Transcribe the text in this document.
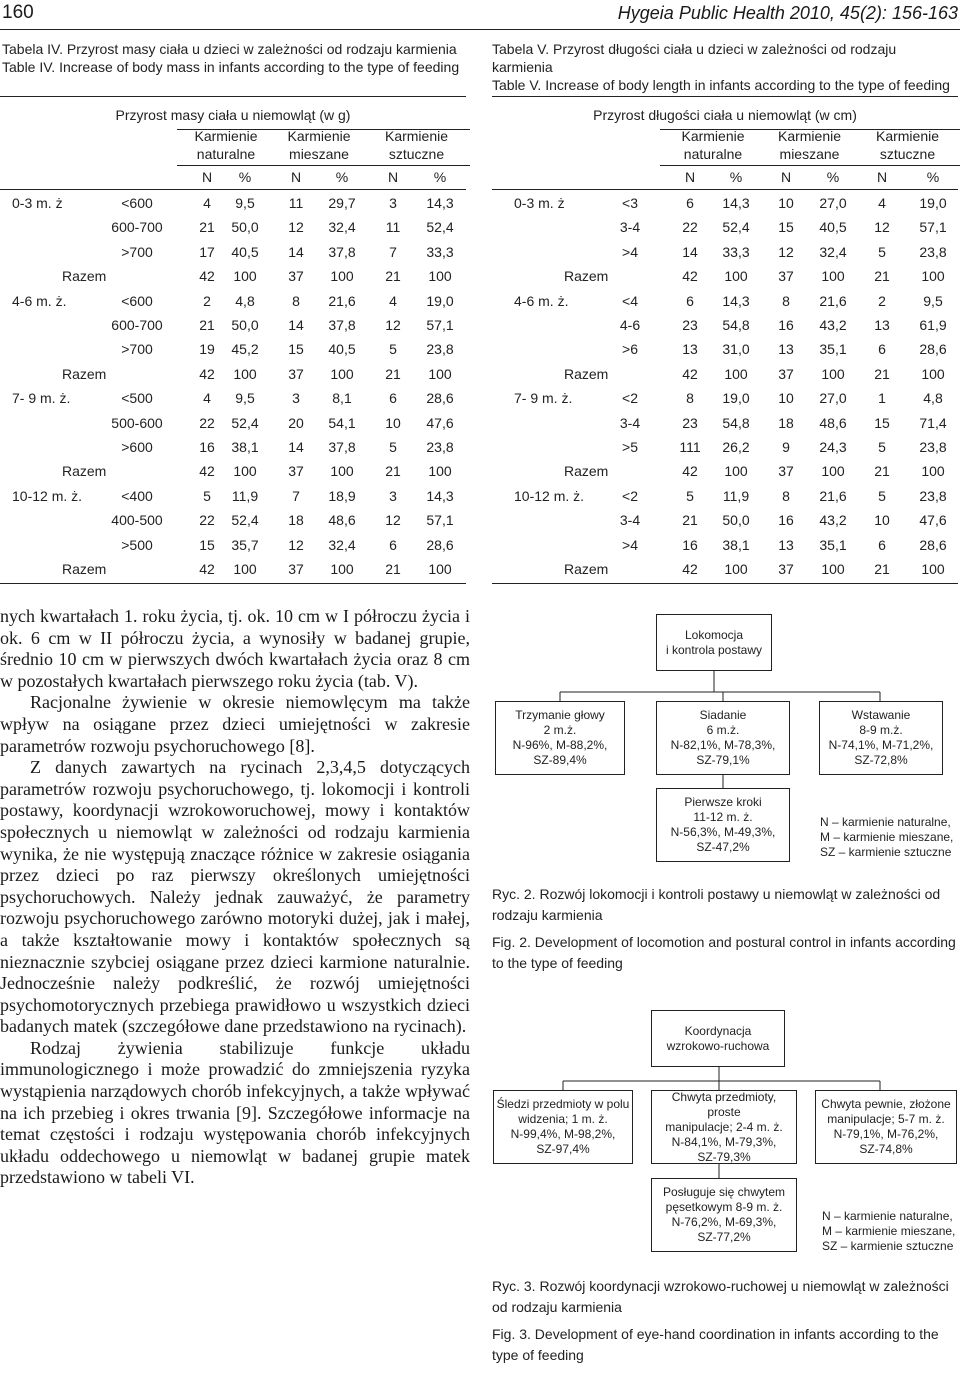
160	Hygeia Public Health 2010, 45(2): 156-163
Tabela IV. Przyrost masy ciała u dzieci w zależności od rodzaju karmienia
Table IV. Increase of body mass in infants according to the type of feeding
Tabela V. Przyrost długości ciała u dzieci w zależności od rodzaju karmienia
Table V. Increase of body length in infants according to the type of feeding
Przyrost masy ciała u niemowląt (w g)
Karmienie
naturalne
Karmienie
mieszane
Karmienie
sztuczne
N %	N %	N	%
0-3 m. ż	<600	4 9,5 11 29,7 3 14,3
600-700	21 50,0 12 32,4 11 52,4
>700	17 40,5 14 37,8 7 33,3
Razem	42 100 37 100 21 100
4-6 m. ż.	<600	2 4,8	8 21,6 4 19,0
600-700	21 50,0 14 37,8 12 57,1
>700	19 45,2 15 40,5 5 23,8
Razem	42 100 37 100 21 100
7- 9 m. ż.	<500	4 9,5	3 8,1	6 28,6
500-600	22 52,4 20 54,1 10 47,6
>600	16 38,1 14 37,8 5 23,8
Razem	42 100 37 100 21 100
10-12 m. ż.	<400	5 11,9 7 18,9 3 14,3
400-500	22 52,4 18 48,6 12 57,1
>500	15 35,7 12 32,4 6 28,6
Razem	42 100 37 100 21 100
Przyrost długości ciała u niemowląt (w cm)
Karmienie
naturalne
Karmienie
mieszane
Karmienie
sztuczne
N %	N	%	N	%
0-3 m. ż	<3	6 14,3 10 27,0 4 19,0
3-4	22 52,4 15 40,5 12 57,1
>4	14 33,3 12 32,4 5 23,8
Razem	42 100 37 100 21 100
4-6 m. ż.	<4	6 14,3 8 21,6 2	9,5
4-6	23 54,8 16 43,2 13 61,9
>6	13 31,0 13 35,1 6 28,6
Razem	42 100 37 100 21 100
7- 9 m. ż.	<2	8 19,0 10 27,0 1	4,8
3-4	23 54,8 18 48,6 15 71,4
>5	111 26,2 9 24,3 5 23,8
Razem	42 100 37 100 21 100
10-12 m. ż.	<2	5 11,9 8 21,6 5 23,8
3-4	21 50,0 16 43,2 10 47,6
>4	16 38,1 13 35,1 6 28,6
Razem	42 100 37 100 21 100

nych kwartałach 1. roku życia, tj. ok. 10 cm w I półroczu życia i ok. 6 cm w II półroczu życia, a wynosiły w badanej grupie, średnio 10 cm w pierwszych dwóch kwartałach życia oraz 8 cm w pozostałych kwartałach pierwszego roku życia (tab. V).

Racjonalne żywienie w okresie niemowlęcym ma także wpływ na osiągane przez dzieci umiejętności w zakresie parametrów rozwoju psychoruchowego [8].

Z danych zawartych na rycinach 2,3,4,5 dotyczących parametrów rozwoju psychoruchowego, tj. lokomocji i kontroli postawy, koordynacji wzrokoworuchowej, mowy i kontaktów społecznych u niemowląt w zależności od rodzaju karmienia wynika, że nie występują znaczące różnice w zakresie osiągania przez dzieci po raz pierwszy określonych umiejętności psychoruchowych. Należy jednak zauważyć, że parametry rozwoju psychoruchowego zarówno motoryki dużej, jak i małej, a także kształtowanie mowy i kontaktów społecznych są nieznacznie szybciej osiągane przez dzieci karmione naturalnie. Jednocześnie należy podkreślić, że rozwój umiejętności psychomotorycznych przebiega prawidłowo u wszystkich dzieci badanych matek (szczegółowe dane przedstawiono na rycinach).

Rodzaj żywienia stabilizuje funkcje układu immunologicznego i może prowadzić do zmniejszenia ryzyka wystąpienia narządowych chorób infekcyjnych, a także wpływać na ich przebieg i okres trwania [9]. Szczegółowe informacje na temat częstości i rodzaju występowania chorób infekcyjnych układu oddechowego u niemowląt w badanej grupie matek przedstawiono w tabeli VI.

Lokomocja
i kontrola postawy
Trzymanie głowy
2 m.ż.
N-96%, M-88,2%,
SZ-89,4%
Siadanie
6 m.ż.
N-82,1%, M-78,3%,
SZ-79,1%
Wstawanie
8-9 m.ż.
N-74,1%, M-71,2%,
SZ-72,8%
Pierwsze kroki
11-12 m. ż.
N-56,3%, M-49,3%,
SZ-47,2%
N – karmienie naturalne,
M – karmienie mieszane,
SZ – karmienie sztuczne
Ryc. 2. Rozwój lokomocji i kontroli postawy u niemowląt w zależności od rodzaju karmienia
Fig. 2. Development of locomotion and postural control in infants according to the type of feeding
Koordynacja
wzrokowo-ruchowa
Śledzi przedmioty w polu
widzenia; 1 m. ż.
N-99,4%, M-98,2%,
SZ-97,4%
Chwyta przedmioty, proste
manipulacje; 2-4 m. ż.
N-84,1%, M-79,3%,
SZ-79,3%
Chwyta pewnie, złożone
manipulacje; 5-7 m. ż.
N-79,1%, M-76,2%,
SZ-74,8%
Posługuje się chwytem
pęsetkowym 8-9 m. ż.
N-76,2%, M-69,3%,
SZ-77,2%
N – karmienie naturalne,
M – karmienie mieszane,
SZ – karmienie sztuczne
Ryc. 3. Rozwój koordynacji wzrokowo-ruchowej u niemowląt w zależności od rodzaju karmienia
Fig. 3. Development of eye-hand coordination in infants according to the type of feeding
